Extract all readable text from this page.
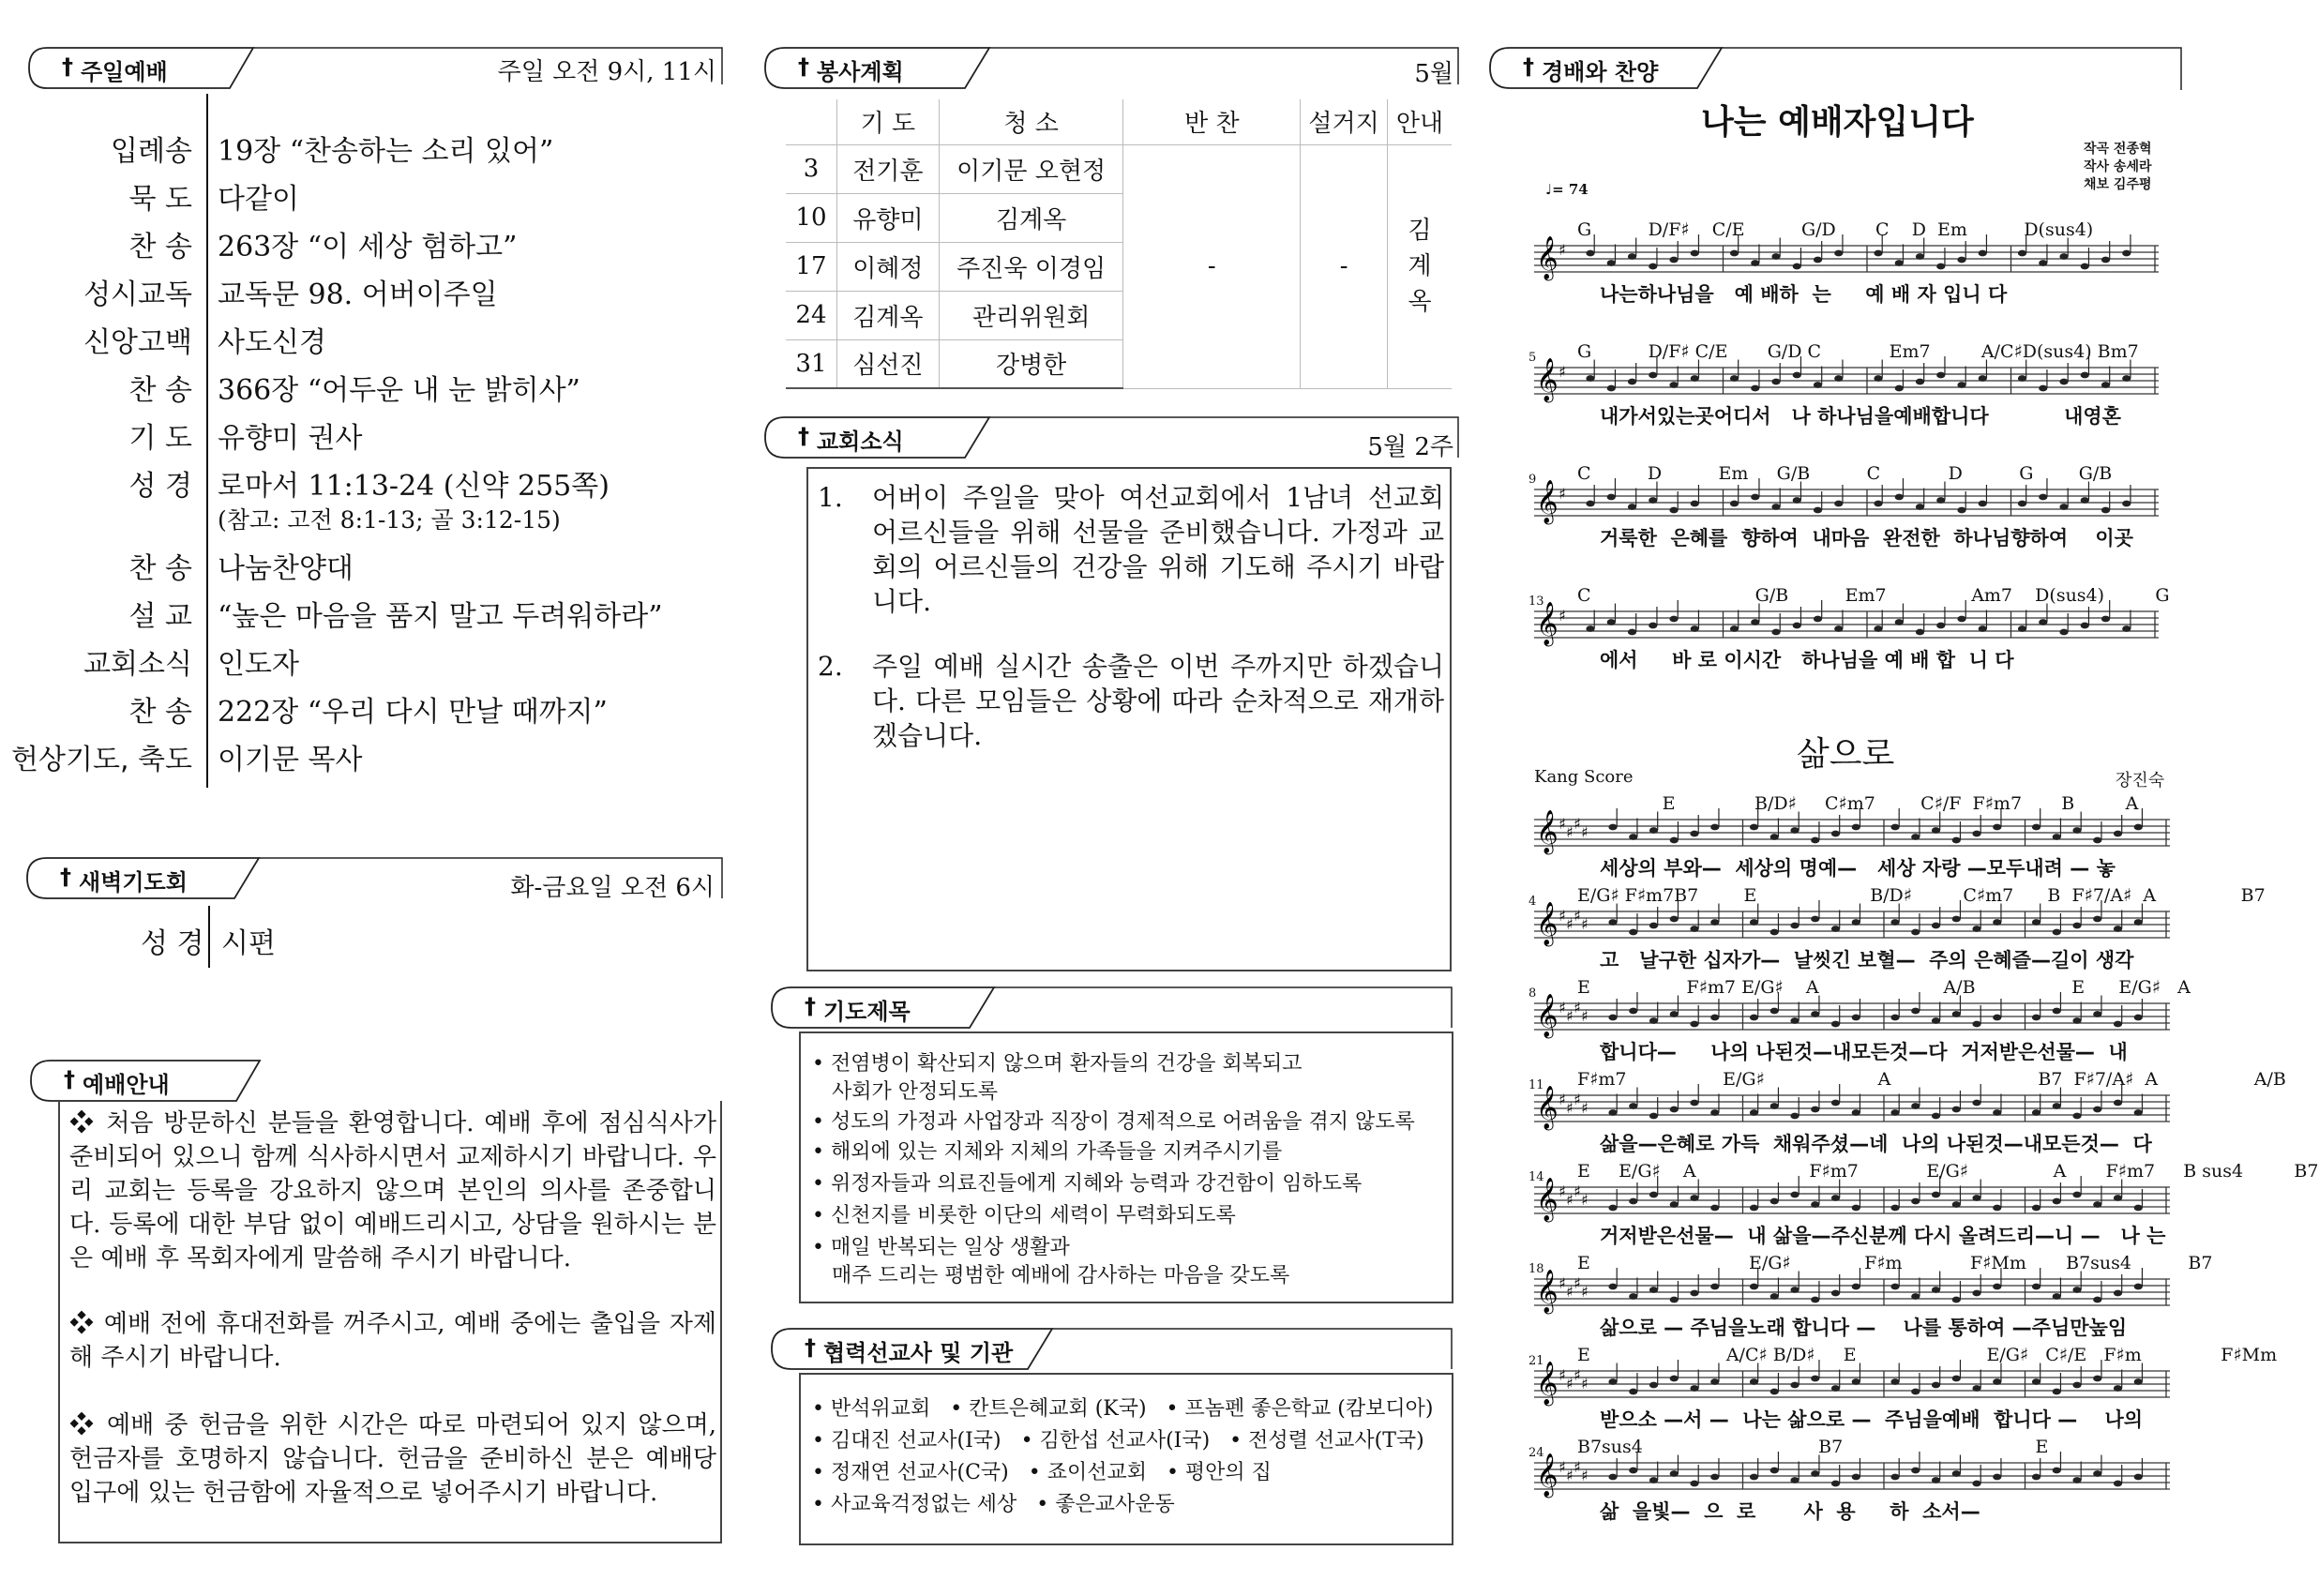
† 주일예배	주일 오전 9시, 11시
입례송 19장 “찬송하는 소리 있어”
묵 도 다같이
찬 송 263장 “이 세상 험하고”
성시교독 교독문 98. 어버이주일
신앙고백 사도신경
찬 송 366장 “어두운 내 눈 밝히사”
기 도 유향미 권사
성 경 로마서 11:13-24 (신약 255쪽)
(참고: 고전 8:1-13; 골 3:12-15)
찬 송 나눔찬양대
설 교 “높은 마음을 품지 말고 두려워하라”
교회소식 인도자
찬 송 222장 “우리 다시 만날 때까지”
헌상기도, 축도 이기문 목사
† 새벽기도회	화-금요일 오전 6시
성 경 시편
† 예배안내
❖ 처음 방문하신 분들을 환영합니다. 예배 후에 점심식사가 준비되어 있으니 함께 식사하시면서 교제하시기 바랍니다. 우리 교회는 등록을 강요하지 않으며 본인의 의사를 존중합니다. 등록에 대한 부담 없이 예배드리시고, 상담을 원하시는 분은 예배 후 목회자에게 말씀해 주시기 바랍니다.
❖ 예배 전에 휴대전화를 꺼주시고, 예배 중에는 출입을 자제해 주시기 바랍니다.
❖ 예배 중 헌금을 위한 시간은 따로 마련되어 있지 않으며, 헌금자를 호명하지 않습니다. 헌금을 준비하신 분은 예배당 입구에 있는 헌금함에 자율적으로 넣어주시기 바랍니다.
† 봉사계획	5월
	기 도	청 소	반 찬	설거지	안내
3	전기훈	이기문 오현정	-	-	김
계
옥
10	유향미	김계옥			
17	이혜정	주진욱 이경임			
24	김계옥	관리위원회			
31	심선진	강병한			
† 교회소식	5월 2주
1. 어버이 주일을 맞아 여선교회에서 1남녀 선교회 어르신들을 위해 선물을 준비했습니다. 가정과 교회의 어르신들의 건강을 위해 기도해 주시기 바랍니다.
2. 주일 예배 실시간 송출은 이번 주까지만 하겠습니다. 다른 모임들은 상황에 따라 순차적으로 재개하겠습니다.
† 기도제목
• 전염병이 확산되지 않으며 환자들의 건강을 회복되고
사회가 안정되도록
• 성도의 가정과 사업장과 직장이 경제적으로 어려움을 겪지 않도록
• 해외에 있는 지체와 지체의 가족들을 지켜주시기를
• 위정자들과 의료진들에게 지혜와 능력과 강건함이 임하도록
• 신천지를 비롯한 이단의 세력이 무력화되도록
• 매일 반복되는 일상 생활과
매주 드리는 평범한 예배에 감사하는 마음을 갖도록
† 협력선교사 및 기관
• 반석위교회   • 칸트은혜교회 (K국)   • 프놈펜 좋은학교 (캄보디아)
• 김대진 선교사(I국)   • 김한섭 선교사(I국)   • 전성렬 선교사(T국)
• 정재연 선교사(C국)   • 죠이선교회   • 평안의 집
• 사교육걱정없는 세상   • 좋은교사운동
† 경배와 찬양
나는 예배자입니다
작곡 전종혁
작사 송세라
채보 김주평
♩= 74
𝄞 ♯
G          D/F♯    C/E          G/D       C    D  Em          D(sus4)
나는하나님을   예 배하  는     예 배 자 입니 다
𝄞 ♯
5 G          D/F♯ C/E       G/D C            Em7         A/C♯D(sus4) Bm7
내가서있는곳어디서   나 하나님을예배합니다           내영혼
𝄞 ♯
9 C          D          Em     G/B          C            D          G        G/B
거룩한  은혜를  향하여  내마음  완전한  하나님향하여    이곳
𝄞 ♯
13 C                             G/B          Em7               Am7    D(sus4)         G
에서     바 로 이시간   하나님을 예 배 합  니 다
삶으로
Kang Score	장진숙
𝄞 ♯ ♯ ♯ ♯
E              B/D♯     C♯m7        C♯/F  F♯m7       B         A
세상의 부와—  세상의 명예—   세상 자랑 —모두내려 — 놓
𝄞 ♯ ♯ ♯ ♯
4 E/G♯ F♯m7B7        E                    B/D♯         C♯m7      B  F♯7/A♯  A               B7
고   날구한 십자가—  날씻긴 보혈—  주의 은혜즐—길이 생각
𝄞 ♯ ♯ ♯ ♯
8 E                 F♯m7 E/G♯    A                      A/B                 E      E/G♯   A
합니다—     나의 나된것—내모든것—다  거저받은선물—  내
𝄞 ♯ ♯ ♯ ♯
11 F♯m7                 E/G♯                    A                          B7  F♯7/A♯  A                 A/B
삶을—은혜로 가득  채워주셨—네  나의 나된것—내모든것—  다
𝄞 ♯ ♯ ♯ ♯
14 E     E/G♯    A                    F♯m7            E/G♯               A       F♯m7     B sus4         B7
거저받은선물—  내 삶을—주신분께 다시 올려드리—니 —   나 는
𝄞 ♯ ♯ ♯ ♯
18 E                            E/G♯             F♯m            F♯Mm       B7sus4          B7
삶으로 — 주님을노래 합니다 —    나를 통하여 —주님만높임
𝄞 ♯ ♯ ♯ ♯
21 E                        A/C♯ B/D♯     E                       E/G♯   C♯/E   F♯m              F♯Mm
받으소 —서 —  나는 삶으로 —  주님을예배  합니다 —    나의
𝄞 ♯ ♯ ♯ ♯
24 B7sus4                               B7                                  E
삶  을빛—  으  로       사  용     하  소서—
